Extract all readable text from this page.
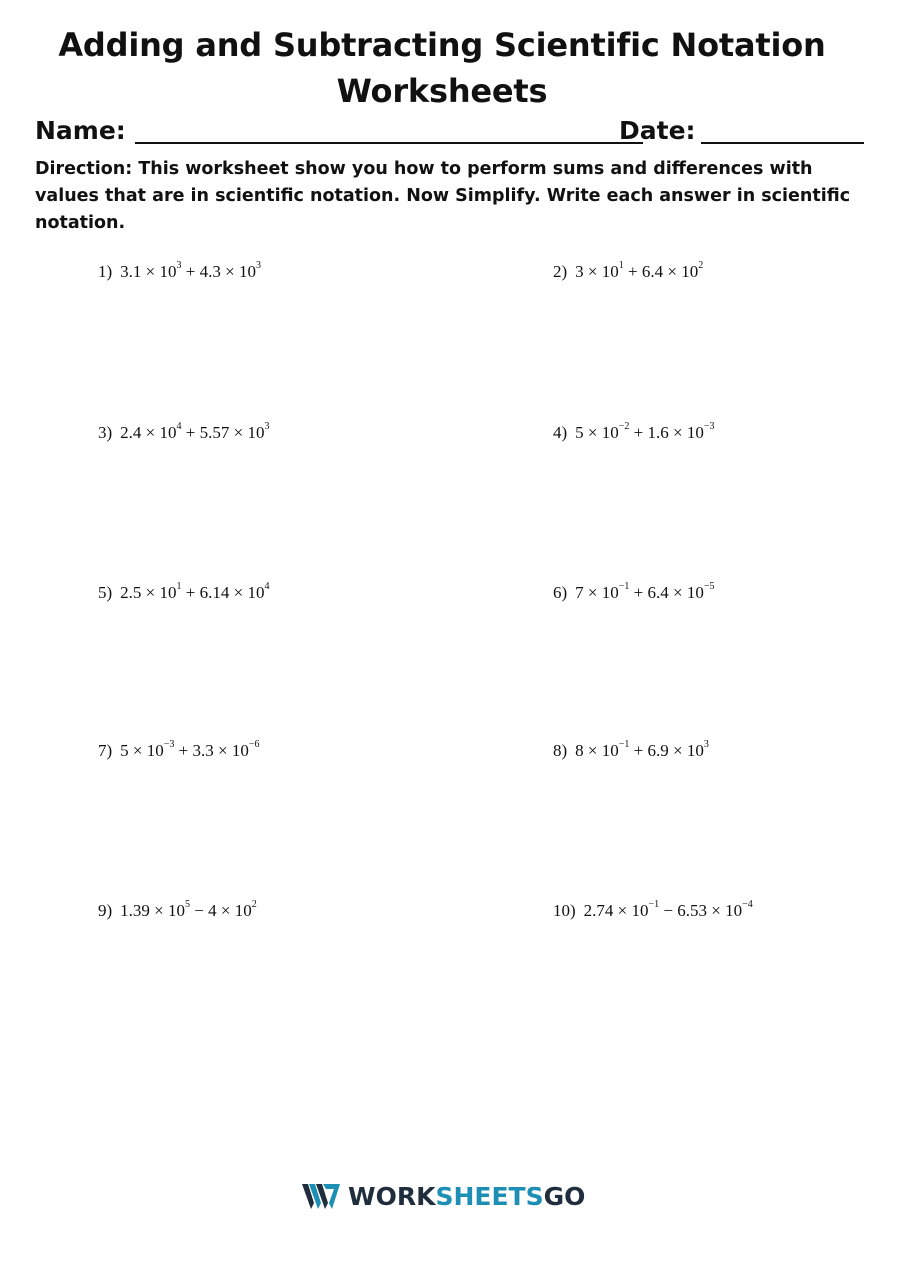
Adding and Subtracting Scientific Notation
Worksheets
Name:	Date:
Direction: This worksheet show you how to perform sums and differences with values that are in scientific notation. Now Simplify. Write each answer in scientific notation.
1) $3.1 \times 10^3 + 4.3 \times 10^3$	2) $3 \times 10^1 + 6.4 \times 10^2$
3) $2.4 \times 10^4 + 5.57 \times 10^3$	4) $5 \times 10^{-2} + 1.6 \times 10^{-3}$
5) $2.5 \times 10^1 + 6.14 \times 10^4$	6) $7 \times 10^{-1} + 6.4 \times 10^{-5}$
7) $5 \times 10^{-3} + 3.3 \times 10^{-6}$	8) $8 \times 10^{-1} + 6.9 \times 10^3$
9) $1.39 \times 10^5 - 4 \times 10^2$	10) $2.74 \times 10^{-1} - 6.53 \times 10^{-4}$
WORK SHEETS GO
